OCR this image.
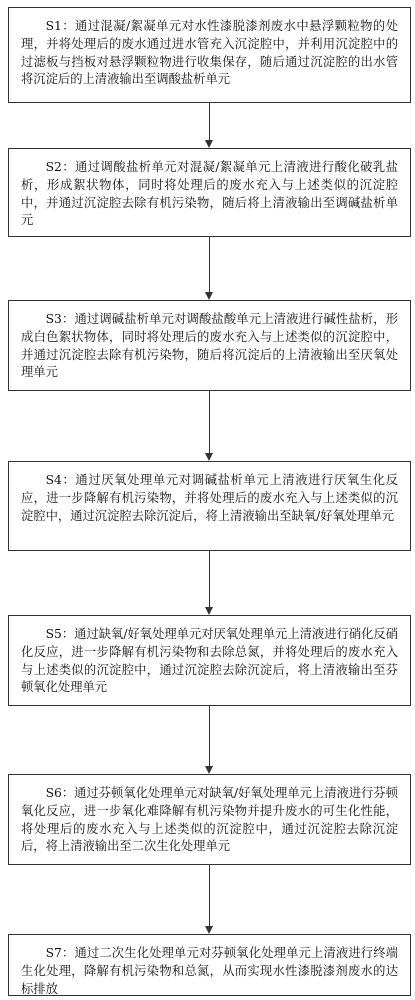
S1：通过混凝/絮凝单元对水性漆脱漆剂废水中悬浮颗粒物的处理，并将处理后的废水通过进水管充入沉淀腔中，并利用沉淀腔中的过滤板与挡板对悬浮颗粒物进行收集保存，随后通过沉淀腔的出水管将沉淀后的上清液输出至调酸盐析单元
S2：通过调酸盐析单元对混凝/絮凝单元上清液进行酸化破乳盐析，形成絮状物体，同时将处理后的废水充入与上述类似的沉淀腔中，并通过沉淀腔去除有机污染物，随后将上清液输出至调碱盐析单元
S3：通过调碱盐析单元对调酸盐酸单元上清液进行碱性盐析，形成白色絮状物体，同时将处理后的废水充入与上述类似的沉淀腔中，并通过沉淀腔去除有机污染物，随后将沉淀后的上清液输出至厌氧处理单元
S4：通过厌氧处理单元对调碱盐析单元上清液进行厌氧生化反应，进一步降解有机污染物，并将处理后的废水充入与上述类似的沉淀腔中，通过沉淀腔去除沉淀后，将上清液输出至缺氧/好氧处理单元
S5：通过缺氧/好氧处理单元对厌氧处理单元上清液进行硝化反硝化反应，进一步降解有机污染物和去除总氮，并将处理后的废水充入与上述类似的沉淀腔中，通过沉淀腔去除沉淀后，将上清液输出至芬顿氧化处理单元
S6：通过芬顿氧化处理单元对缺氧/好氧处理单元上清液进行芬顿氧化反应，进一步氧化难降解有机污染物并提升废水的可生化性能，将处理后的废水充入与上述类似的沉淀腔中，通过沉淀腔去除沉淀后，将上清液输出至二次生化处理单元
S7：通过二次生化处理单元对芬顿氧化处理单元上清液进行终端生化处理，降解有机污染物和总氮，从而实现水性漆脱漆剂废水的达标排放
